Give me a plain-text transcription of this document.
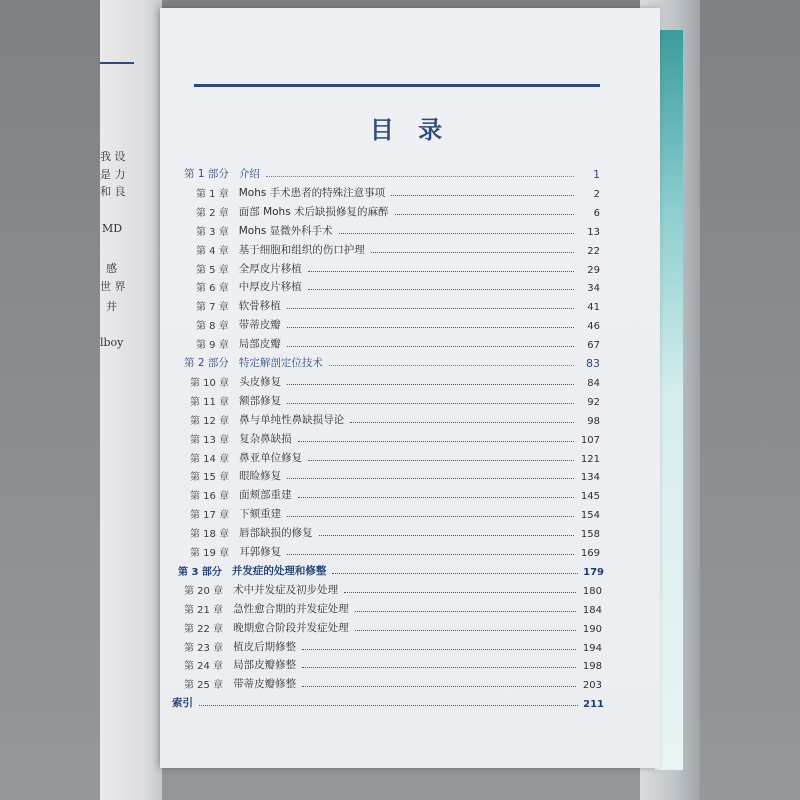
我 设
是 力
和 良
MD
感
世 界
并
lboy
目 录
第 1 部分 介绍	1
第 1 章 Mohs 手术患者的特殊注意事项	2
第 2 章 面部 Mohs 术后缺损修复的麻醉	6
第 3 章 Mohs 显微外科手术	13
第 4 章 基于细胞和组织的伤口护理	22
第 5 章 全厚皮片移植	29
第 6 章 中厚皮片移植	34
第 7 章 软骨移植	41
第 8 章 带蒂皮瓣	46
第 9 章 局部皮瓣	67
第 2 部分 特定解剖定位技术	83
第 10 章 头皮修复	84
第 11 章 额部修复	92
第 12 章 鼻与单纯性鼻缺损导论	98
第 13 章 复杂鼻缺损	107
第 14 章 鼻亚单位修复	121
第 15 章 眼睑修复	134
第 16 章 面颊部重建	145
第 17 章 下颏重建	154
第 18 章 唇部缺损的修复	158
第 19 章 耳郭修复	169
第 3 部分 并发症的处理和修整	179
第 20 章 术中并发症及初步处理	180
第 21 章 急性愈合期的并发症处理	184
第 22 章 晚期愈合阶段并发症处理	190
第 23 章 植皮后期修整	194
第 24 章 局部皮瓣修整	198
第 25 章 带蒂皮瓣修整	203
索引	211
